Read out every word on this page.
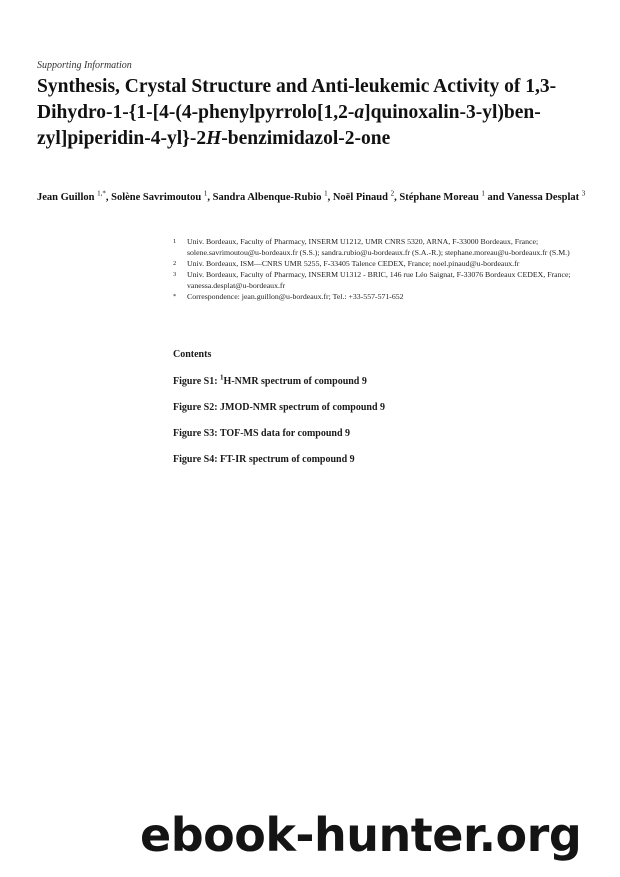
Supporting Information
Synthesis, Crystal Structure and Anti-leukemic Activity of 1,3-
Dihydro-1-{1-[4-(4-phenylpyrrolo[1,2-a]quinoxalin-3-yl)ben-
zyl]piperidin-4-yl}-2H-benzimidazol-2-one
Jean Guillon $^{1,*}$, Solène Savrimoutou $^1$, Sandra Albenque-Rubio $^1$, Noël Pinaud $^2$, Stéphane Moreau $^1$ and Vanessa Desplat $^3$
1	Univ. Bordeaux, Faculty of Pharmacy, INSERM U1212, UMR CNRS 5320, ARNA, F-33000 Bordeaux, France; solene.savrimoutou@u-bordeaux.fr (S.S.); sandra.rubio@u-bordeaux.fr (S.A.-R.); stephane.moreau@u-bordeaux.fr (S.M.)
2	Univ. Bordeaux, ISM—CNRS UMR 5255, F-33405 Talence CEDEX, France; noel.pinaud@u-bordeaux.fr
3	Univ. Bordeaux, Faculty of Pharmacy, INSERM U1312 - BRIC, 146 rue Léo Saignat, F-33076 Bordeaux CEDEX, France; vanessa.desplat@u-bordeaux.fr
*	Correspondence: jean.guillon@u-bordeaux.fr; Tel.: +33-557-571-652
Contents
Figure S1: $^1$H-NMR spectrum of compound 9
Figure S2: JMOD-NMR spectrum of compound 9
Figure S3: TOF-MS data for compound 9
Figure S4: FT-IR spectrum of compound 9
ebook-hunter.org
